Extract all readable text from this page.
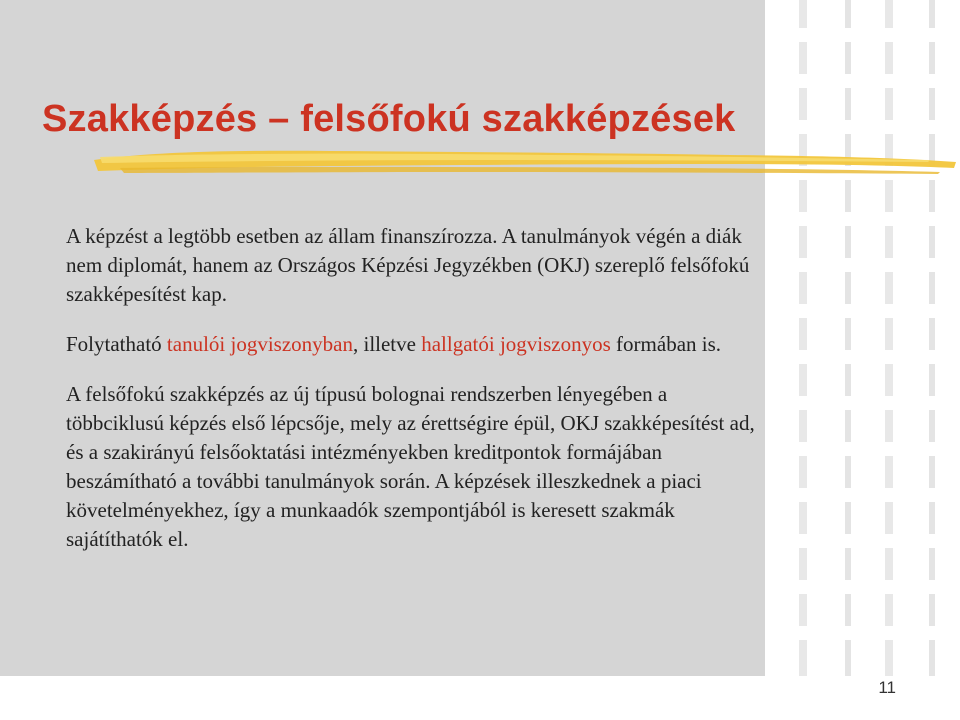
Szakképzés – felsőfokú szakképzések

A képzést a legtöbb esetben az állam finanszírozza. A tanulmányok végén a diák nem diplomát, hanem az Országos Képzési Jegyzékben (OKJ) szereplő felsőfokú szakképesítést kap.

Folytatható tanulói jogviszonyban, illetve hallgatói jogviszonyos formában is.

A felsőfokú szakképzés az új típusú bolognai rendszerben lényegében a többciklusú képzés első lépcsője, mely az érettségire épül, OKJ szakképesítést ad, és a szakirányú felsőoktatási intézményekben kreditpontok formájában beszámítható a további tanulmányok során. A képzések illeszkednek a piaci követelményekhez, így a munkaadók szempontjából is keresett szakmák sajátíthatók el.

11
